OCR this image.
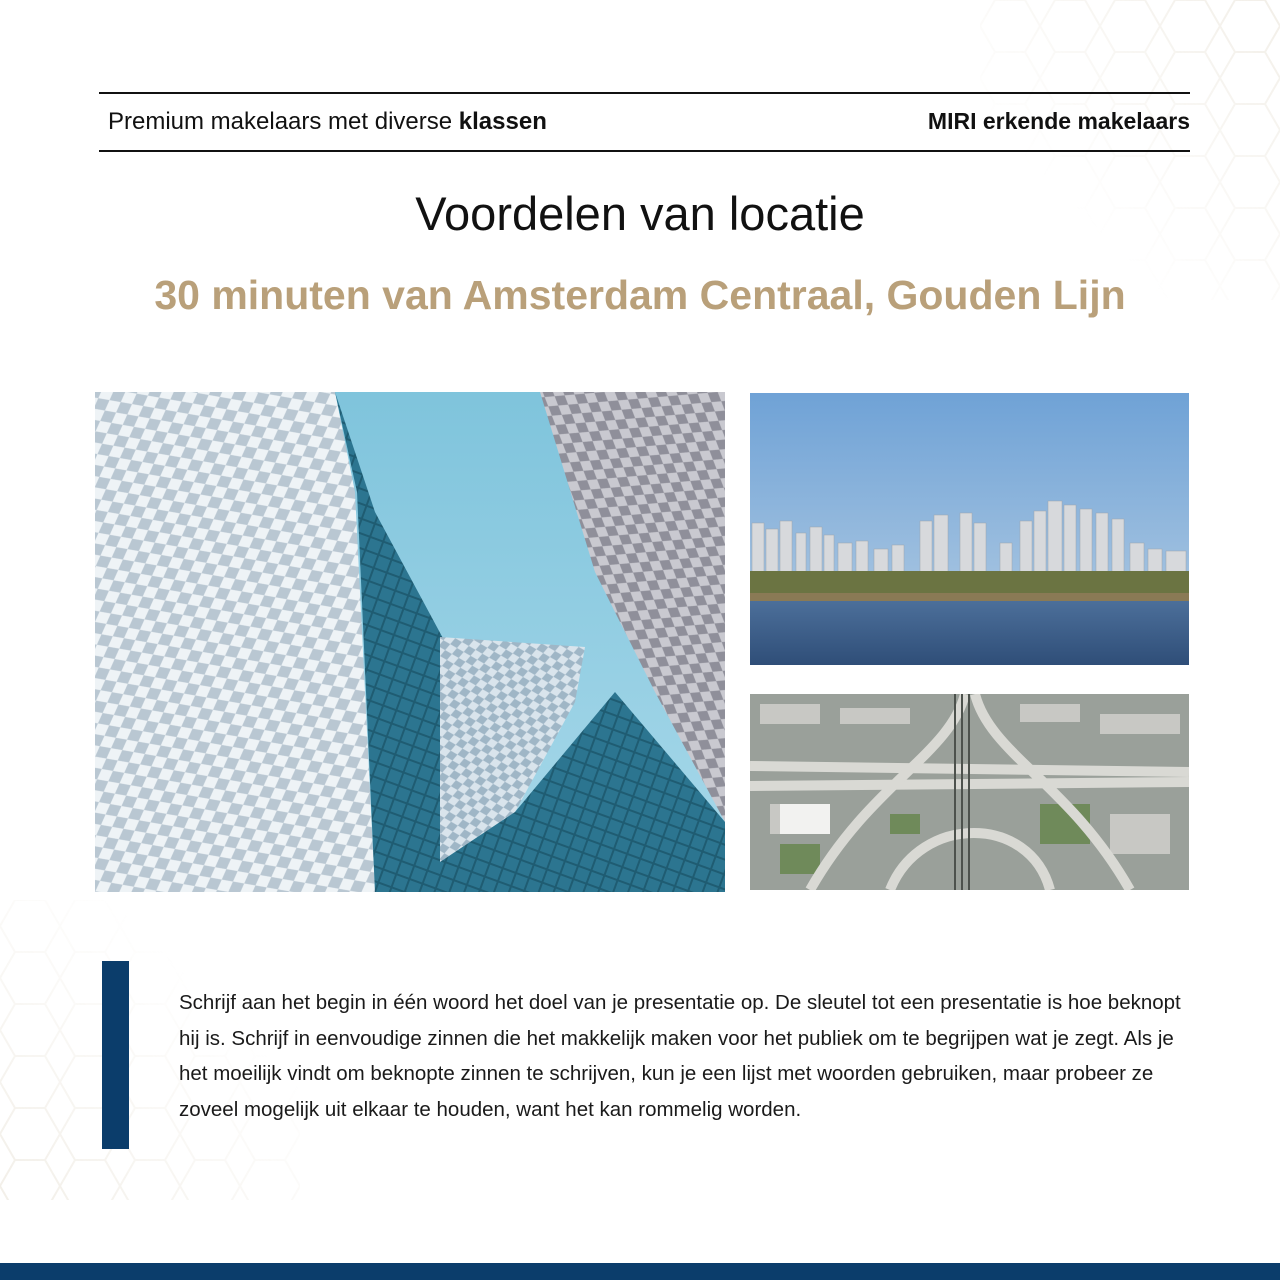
Premium makelaars met diverse klassen	MIRI erkende makelaars
Voordelen van locatie
30 minuten van Amsterdam Centraal, Gouden Lijn

Schrijf aan het begin in één woord het doel van je presentatie op. De sleutel tot een presentatie is hoe beknopt hij is. Schrijf in eenvoudige zinnen die het makkelijk maken voor het publiek om te begrijpen wat je zegt. Als je het moeilijk vindt om beknopte zinnen te schrijven, kun je een lijst met woorden gebruiken, maar probeer ze zoveel mogelijk uit elkaar te houden, want het kan rommelig worden.
